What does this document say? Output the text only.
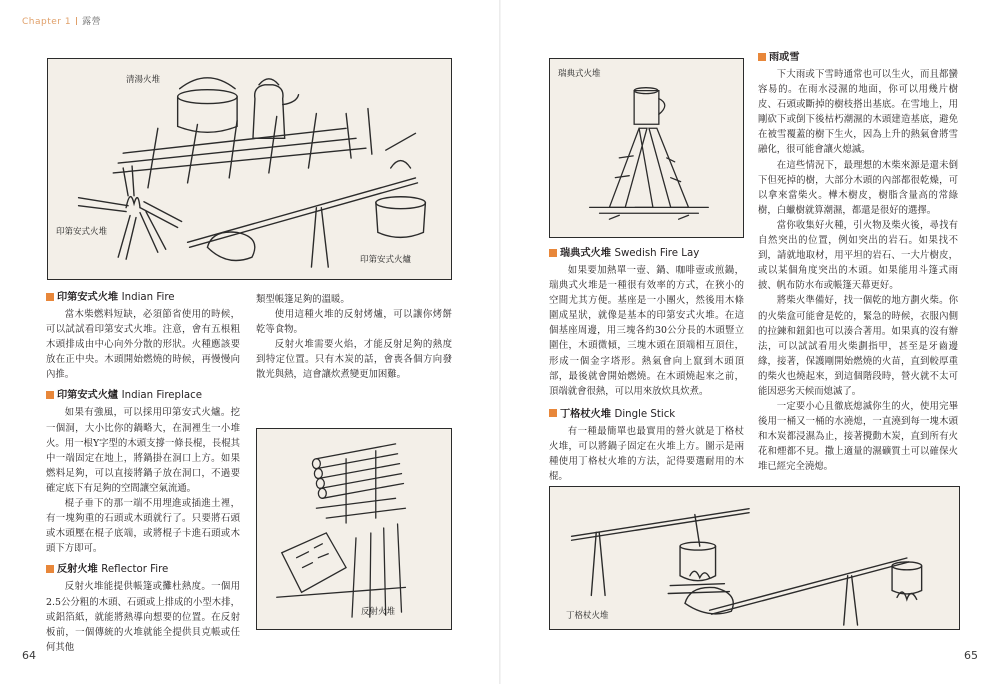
Chapter 1 露營
清湯火堆
印第安式火堆
印第安式火爐
印第安式火堆 Indian Fire

當木柴燃料短缺，必須節省使用的時候，可以試試看印第安式火堆。注意，會有五根粗木頭排成由中心向外分散的形狀。火種應該要放在正中央。木頭開始燃燒的時候，再慢慢向內推。

印第安式火爐 Indian Fireplace

如果有強風，可以採用印第安式火爐。挖一個洞，大小比你的鍋略大，在洞裡生一小堆火。用一根Y字型的木頭支撐一條長棍，長棍其中一端固定在地上，將鍋掛在洞口上方。如果燃料足夠，可以直接將鍋子放在洞口，不過要確定底下有足夠的空間讓空氣流通。

棍子垂下的那一端不用埋進或插進土裡，有一塊夠重的石頭或木頭就行了。只要將石頭或木頭壓在棍子底端，或將棍子卡進石頭或木頭下方即可。

反射火堆 Reflector Fire

反射火堆能提供帳篷或攤杜熱度。一個用2.5公分粗的木頭、石頭或上排成的小型木排，或鋁箔紙，就能將熱導向想要的位置。在反射板前，一個傳統的火堆就能全提供貝克帳或任何其他

類型帳篷足夠的溫暖。

使用這種火堆的反射烤爐，可以讓你烤餅乾等食物。

反射火堆需要火焰，才能反射足夠的熱度到特定位置。只有木炭的話，會喪各個方向發散光與熱，這會讓炊煮變更加困難。

反射火堆
64
瑞典式火堆
瑞典式火堆 Swedish Fire Lay

如果要加熱單一壺、鍋、咖啡壺或煎鍋，瑞典式火堆是一種很有效率的方式，在狹小的空間尤其方便。基座是一小團火，然後用木條圍成星狀，就像是基本的印第安式火堆。在這個基座周邊，用三塊各約30公分長的木頭豎立圍住，木頭微傾，三塊木頭在頂端相互頂住，形成一個金字塔形。熱氣會向上竄到木頭頂部，最後就會開始燃燒。在木頭燒起來之前，頂端就會很熱，可以用來放炊具炊煮。

丁格杖火堆 Dingle Stick

有一種最簡單也最實用的營火就是丁格杖火堆，可以將鍋子固定在火堆上方。圖示是兩種使用丁格杖火堆的方法，記得要選耐用的木棍。

雨或雪

下大雨或下雪時通常也可以生火，而且都蠻容易的。在雨水浸濕的地面，你可以用幾片樹皮、石頭或斷掉的樹枝搭出基底。在雪地上，用剛砍下或倒下後枯朽潮濕的木頭建造基底，避免在被雪覆蓋的樹下生火，因為上升的熱氣會將雪融化，很可能會讓火熄滅。

在這些情況下，最理想的木柴來源是還未倒下但死掉的樹，大部分木頭的內部都很乾燥，可以拿來當柴火。樺木樹皮，樹脂含量高的常綠樹，白蠟樹就算潮濕，都還是很好的選擇。

當你收集好火種，引火物及柴火後，尋找有自然突出的位置，例如突出的岩石。如果找不到，請就地取材，用平坦的岩石、一大片樹皮，或以某個角度突出的木頭。如果能用斗篷式雨披、帆布防水布或帳篷天幕更好。

將柴火準備好，找一個乾的地方劃火柴。你的火柴盒可能會是乾的，緊急的時候，衣服內側的拉鍊和鈕釦也可以湊合著用。如果真的沒有辦法，可以試試看用火柴劃指甲，甚至是牙齒邊緣，接著，保護剛開始燃燒的火苗，直到較厚重的柴火也燒起來，到這個階段時，營火就不太可能因惡劣天候而熄滅了。

一定要小心且徹底熄滅你生的火，使用完畢後用一桶又一桶的水澆熄，一直澆到每一塊木頭和木炭都浸濕為止，接著攪動木炭，直到所有火花和煙都不見。撒上適量的濕礦質土可以確保火堆已經完全澆熄。

丁格杖火堆
65
